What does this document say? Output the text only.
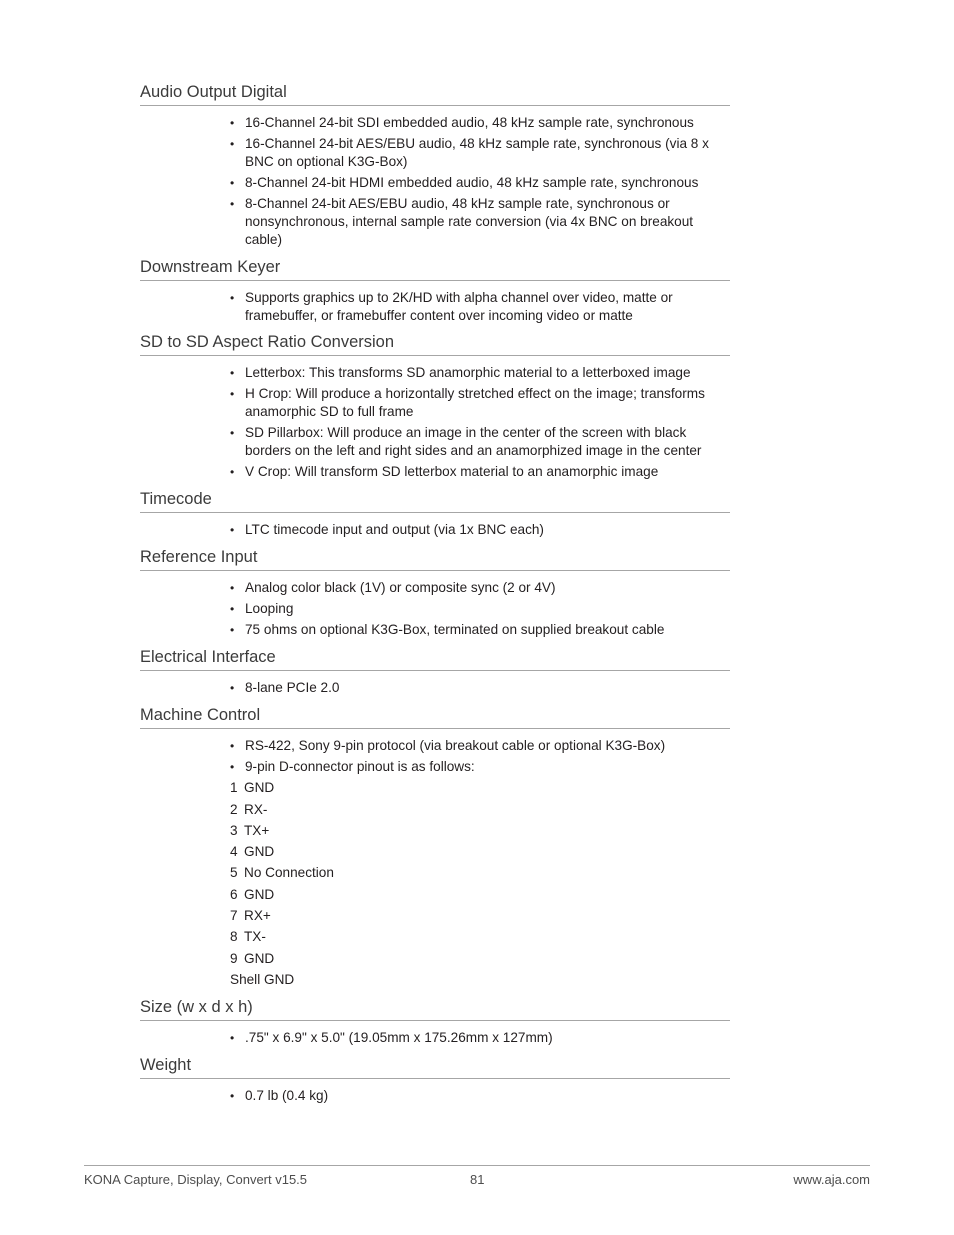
Audio Output Digital
• 16-Channel 24-bit SDI embedded audio, 48 kHz sample rate, synchronous
• 16-Channel 24-bit AES/EBU audio, 48 kHz sample rate, synchronous (via 8 x BNC on optional K3G-Box)
• 8-Channel 24-bit HDMI embedded audio, 48 kHz sample rate, synchronous
• 8-Channel 24-bit AES/EBU audio, 48 kHz sample rate, synchronous or nonsynchronous, internal sample rate conversion (via 4x BNC on breakout cable)
Downstream Keyer
• Supports graphics up to 2K/HD with alpha channel over video, matte or framebuffer, or framebuffer content over incoming video or matte
SD to SD Aspect Ratio Conversion
• Letterbox: This transforms SD anamorphic material to a letterboxed image
• H Crop: Will produce a horizontally stretched effect on the image; transforms anamorphic SD to full frame
• SD Pillarbox: Will produce an image in the center of the screen with black borders on the left and right sides and an anamorphized image in the center
• V Crop: Will transform SD letterbox material to an anamorphic image
Timecode
• LTC timecode input and output (via 1x BNC each)
Reference Input
• Analog color black (1V) or composite sync (2 or 4V)
• Looping
• 75 ohms on optional K3G-Box, terminated on supplied breakout cable
Electrical Interface
• 8-lane PCIe 2.0
Machine Control
• RS-422, Sony 9-pin protocol (via breakout cable or optional K3G-Box)
• 9-pin D-connector pinout is as follows:
1 GND
2 RX-
3 TX+
4 GND
5 No Connection
6 GND
7 RX+
8 TX-
9 GND
Shell GND
Size (w x d x h)
• .75" x 6.9" x 5.0" (19.05mm x 175.26mm x 127mm)
Weight
• 0.7 lb (0.4 kg)
KONA Capture, Display, Convert v15.5	81	www.aja.com
